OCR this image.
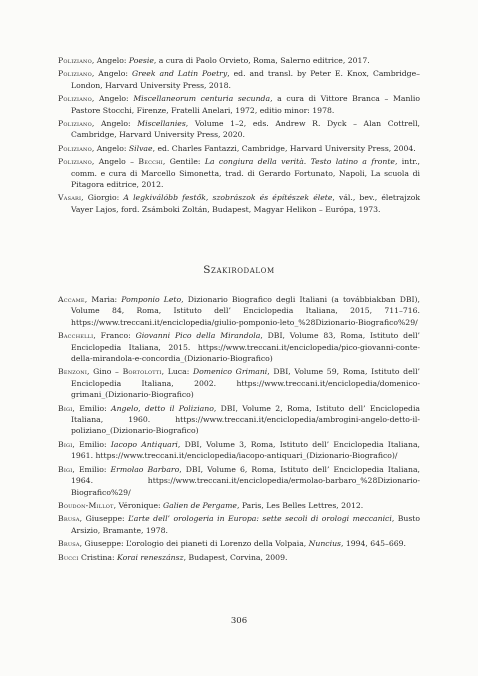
Poliziano, Angelo: Poesie, a cura di Paolo Orvieto, Roma, Salerno editrice, 2017.

Poliziano, Angelo: Greek and Latin Poetry, ed. and transl. by Peter E. Knox, Cambridge–London, Harvard University Press, 2018.

Poliziano, Angelo: Miscellaneorum centuria secunda, a cura di Vittore Branca – Manlio Pastore Stocchi, Firenze, Fratelli Anelari, 1972, editio minor: 1978.

Poliziano, Angelo: Miscellanies, Volume 1–2, eds. Andrew R. Dyck – Alan Cottrell, Cambridge, Harvard University Press, 2020.

Poliziano, Angelo: Silvae, ed. Charles Fantazzi, Cambridge, Harvard University Press, 2004.

Poliziano, Angelo – Becchi, Gentile: La congiura della verità. Testo latino a fronte, intr., comm. e cura di Marcello Simonetta, trad. di Gerardo Fortunato, Napoli, La scuola di Pitagora editrice, 2012.

Vasari, Giorgio: A legkiválóbb festők, szobrászok és építészek élete, vál., bev., életrajzok Vayer Lajos, ford. Zsámboki Zoltán, Budapest, Magyar Helikon – Európa, 1973.

Szakirodalom

Accame, Maria: Pomponio Leto, Dizionario Biografico degli Italiani (a továbbiakban DBI), Volume 84, Roma, Istituto dell’ Enciclopedia Italiana, 2015, 711–716. https://www.treccani.it/enciclopedia/giulio-pomponio-leto_%28Dizionario-Biografico%29/

Bacchelli, Franco: Giovanni Pico della Mirandola, DBI, Volume 83, Roma, Istituto dell’ Enciclopedia Italiana, 2015. https://www.treccani.it/enciclopedia/pico-giovanni-conte-della-mirandola-e-concordia_(Dizionario-Biografico)

Benzoni, Gino – Bortolotti, Luca: Domenico Grimani, DBI, Volume 59, Roma, Istituto dell’ Enciclopedia Italiana, 2002. https://www.treccani.it/enciclopedia/domenico-grimani_(Dizionario-Biografico)

Bigi, Emilio: Angelo, detto il Poliziano, DBI, Volume 2, Roma, Istituto dell’ Enciclopedia Italiana, 1960. https://www.treccani.it/enciclopedia/ambrogini-angelo-detto-il-poliziano_(Dizionario-Biografico)

Bigi, Emilio: Iacopo Antiquari, DBI, Volume 3, Roma, Istituto dell’ Enciclopedia Italiana, 1961. https://www.treccani.it/enciclopedia/iacopo-antiquari_(Dizionario-Biografico)/

Bigi, Emilio: Ermolao Barbaro, DBI, Volume 6, Roma, Istituto dell’ Enciclopedia Italiana, 1964. https://www.treccani.it/enciclopedia/ermolao-barbaro_%28Dizionario-Biografico%29/

Boudon-Millot, Véronique: Galien de Pergame, Paris, Les Belles Lettres, 2012.

Brusa, Giuseppe: L’arte dell’ orologeria in Europa: sette secoli di orologi meccanici, Busto Arsizio, Bramante, 1978.

Brusa, Giuseppe: L’orologio dei pianeti di Lorenzo della Volpaia, Nuncius, 1994, 645–669.

Bucci Cristina: Korai reneszánsz, Budapest, Corvina, 2009.

306
